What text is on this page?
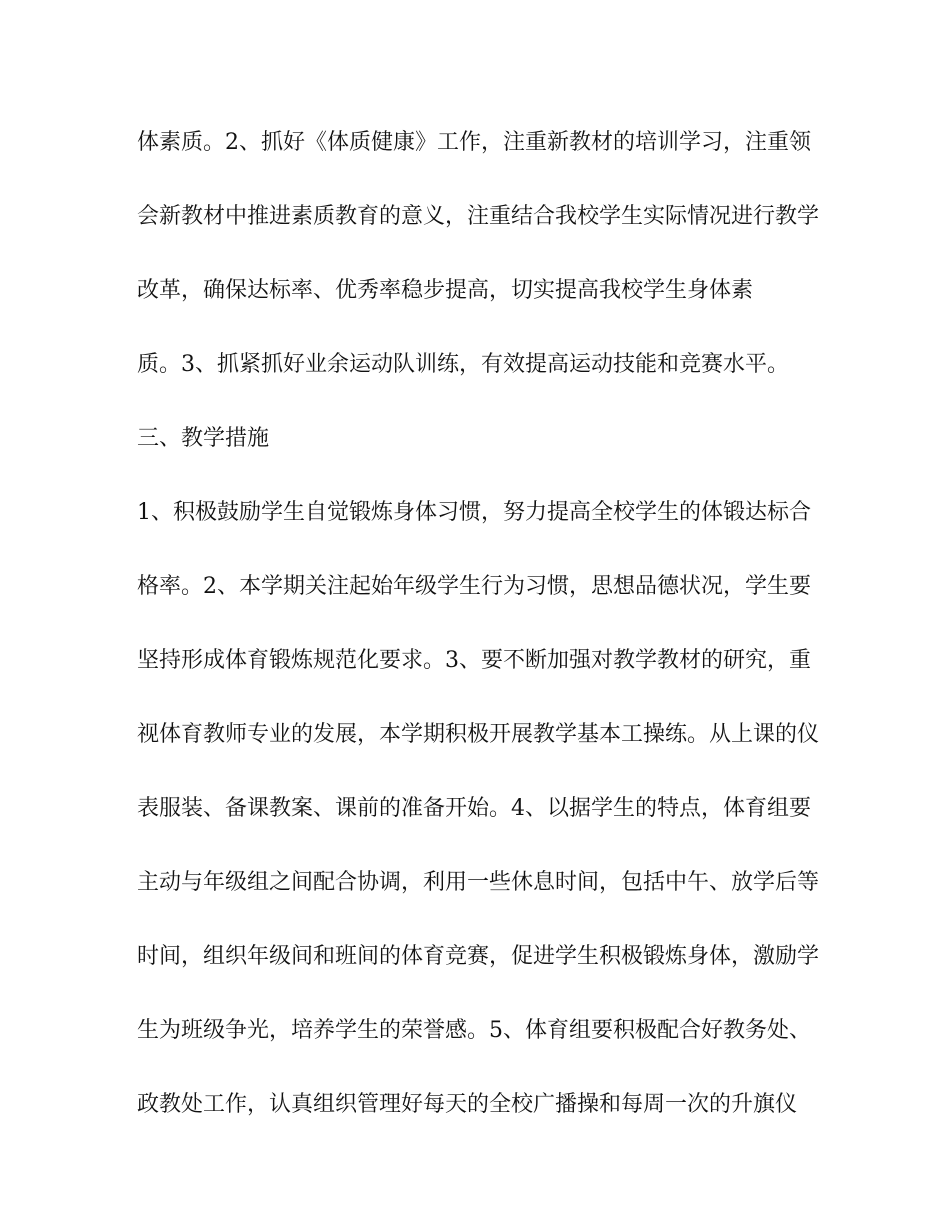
体素质。2、抓好《体质健康》工作，注重新教材的培训学习，注重领
会新教材中推进素质教育的意义，注重结合我校学生实际情况进行教学
改革，确保达标率、优秀率稳步提高，切实提高我校学生身体素
质。3、抓紧抓好业余运动队训练，有效提高运动技能和竞赛水平。
三、教学措施
1、积极鼓励学生自觉锻炼身体习惯，努力提高全校学生的体锻达标合
格率。2、本学期关注起始年级学生行为习惯，思想品德状况，学生要
坚持形成体育锻炼规范化要求。3、要不断加强对教学教材的研究，重
视体育教师专业的发展，本学期积极开展教学基本工操练。从上课的仪
表服装、备课教案、课前的准备开始。4、以据学生的特点，体育组要
主动与年级组之间配合协调，利用一些休息时间，包括中午、放学后等
时间，组织年级间和班间的体育竞赛，促进学生积极锻炼身体，激励学
生为班级争光，培养学生的荣誉感。5、体育组要积极配合好教务处、
政教处工作，认真组织管理好每天的全校广播操和每周一次的升旗仪
